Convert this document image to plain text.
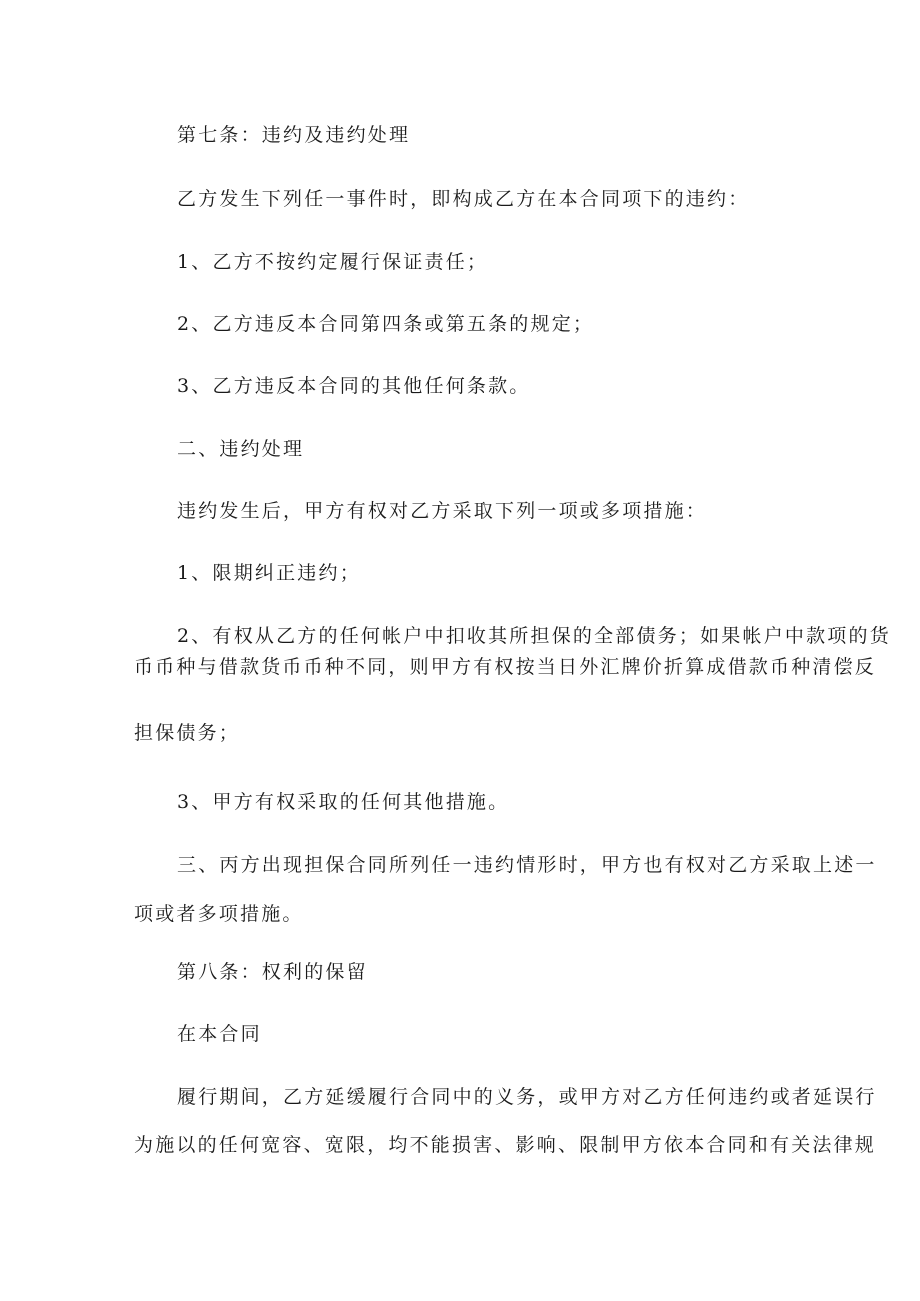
第七条：违约及违约处理
乙方发生下列任一事件时，即构成乙方在本合同项下的违约：
1、乙方不按约定履行保证责任；
2、乙方违反本合同第四条或第五条的规定；
3、乙方违反本合同的其他任何条款。
二、违约处理
违约发生后，甲方有权对乙方采取下列一项或多项措施：
1、限期纠正违约；
2、有权从乙方的任何帐户中扣收其所担保的全部债务；如果帐户中款项的货
币币种与借款货币币种不同，则甲方有权按当日外汇牌价折算成借款币种清偿反
担保债务；
3、甲方有权采取的任何其他措施。
三、丙方出现担保合同所列任一违约情形时，甲方也有权对乙方采取上述一
项或者多项措施。
第八条：权利的保留
在本合同
履行期间，乙方延缓履行合同中的义务，或甲方对乙方任何违约或者延误行
为施以的任何宽容、宽限，均不能损害、影响、限制甲方依本合同和有关法律规
